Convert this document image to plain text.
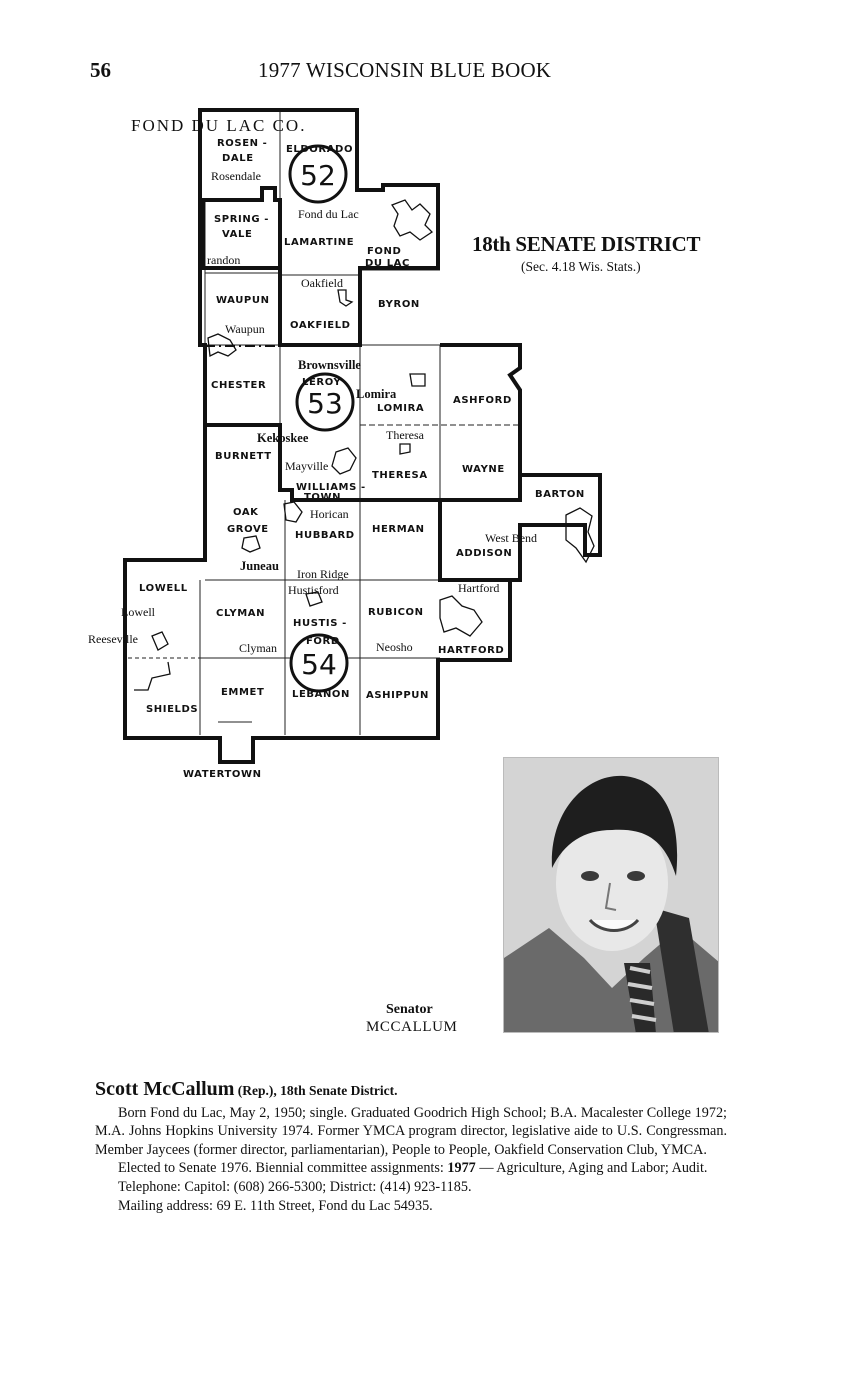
56	1977 WISCONSIN BLUE BOOK
52
53
54
FOND DU LAC CO.
ROSEN -
DALE
ELDORADO
SPRING -
VALE
LAMARTINE
FOND
DU LAC
WAUPUN
OAKFIELD
BYRON
CHESTER	LEROY
LOMIRA
ASHFORD
BURNETT
THERESA
WAYNE
WILLIAMS -
TOWN	BARTON
OAK
GROVE
HUBBARD
HERMAN
ADDISON
LOWELL
CLYMAN
HUSTIS -
FORD
RUBICON
HARTFORD
EMMET	LEBANON ASHIPPUN
SHIELDS
WATERTOWN
Rosendale
Fond du Lac
randon
Oakfield
Waupun
Brownsville
Lomira
Kekoskee	Theresa
Mayville
Horican
Juneau
Iron Ridge
West Bend
Hustisford	Hartford
Lowell
Reeseville
Clyman	Neosho
18th SENATE DISTRICT
(Sec. 4.18 Wis. Stats.)
Senator
MCCALLUM

Scott McCallum (Rep.), 18th Senate District.

Born Fond du Lac, May 2, 1950; single. Graduated Goodrich High School; B.A. Macalester College 1972; M.A. Johns Hopkins University 1974. Former YMCA program director, legislative aide to U.S. Congressman. Member Jaycees (former director, parliamentarian), People to People, Oakfield Conservation Club, YMCA.

Elected to Senate 1976. Biennial committee assignments: 1977 — Agriculture, Aging and Labor; Audit.

Telephone: Capitol: (608) 266-5300; District: (414) 923-1185.

Mailing address: 69 E. 11th Street, Fond du Lac 54935.
